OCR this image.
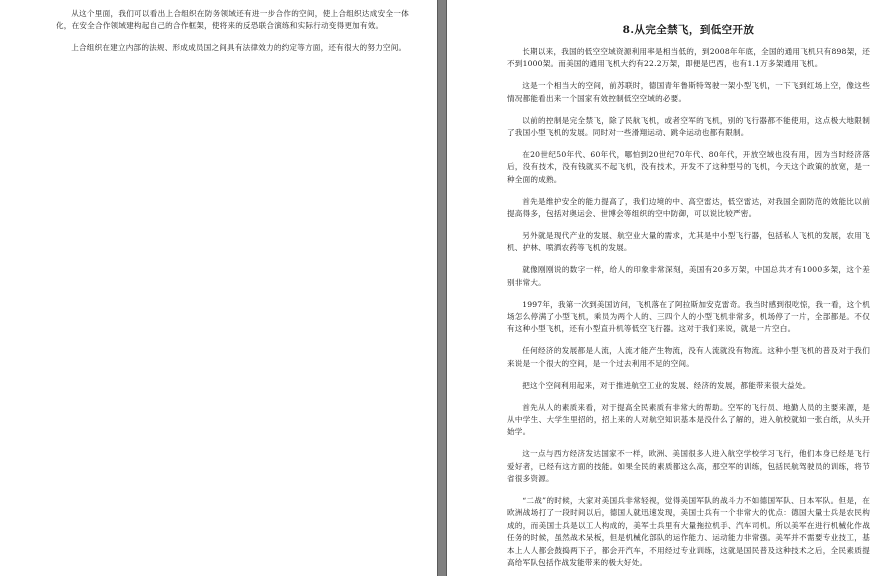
从这个里面，我们可以看出上合组织在防务领域还有进一步合作的空间，使上合组织达成安全一体化，在安全合作领域建构起自己的合作框架，使将来的反恐联合演练和实际行动变得更加有效。

上合组织在建立内部的法规、形成成员国之间具有法律效力的约定等方面，还有很大的努力空间。

8.从完全禁飞，到低空开放

长期以来，我国的低空空域资源利用率是相当低的，到2008年年底，全国的通用飞机只有898架，还不到1000架。而美国的通用飞机大约有22.2万架，即便是巴西，也有1.1万多架通用飞机。

这是一个相当大的空间，前苏联时，德国青年鲁斯特驾驶一架小型飞机，一下飞到红场上空，像这些情况都能看出来一个国家有效控制低空空域的必要。

以前的控制是完全禁飞，除了民航飞机，或者空军的飞机，别的飞行器都不能使用，这点极大地限制了我国小型飞机的发展。同时对一些滑翔运动、跳伞运动也都有限制。

在20世纪50年代、60年代，哪怕到20世纪70年代、80年代，开放空域也没有用，因为当时经济落后，没有技术，没有钱就买不起飞机，没有技术，开发不了这种型号的飞机，今天这个政策的放宽，是一种全面的成熟。

首先是维护安全的能力提高了，我们边境的中、高空雷达，低空雷达，对我国全面防范的效能比以前提高得多，包括对奥运会、世博会等组织的空中防御，可以说比较严密。

另外就是现代产业的发展、航空业大量的需求，尤其是中小型飞行器，包括私人飞机的发展，农用飞机、护林、喷洒农药等飞机的发展。

就像刚刚说的数字一样，给人的印象非常深刻，美国有20多万架，中国总共才有1000多架，这个差别非常大。

1997年，我第一次到美国访问，飞机落在了阿拉斯加安克雷奇。我当时感到很吃惊，我一看，这个机场怎么停满了小型飞机，乘员为两个人的、三四个人的小型飞机非常多，机场停了一片，全部都是。不仅有这种小型飞机，还有小型直升机等低空飞行器。这对于我们来说，就是一片空白。

任何经济的发展都是人流，人流才能产生物流，没有人流就没有物流。这种小型飞机的普及对于我们来说是一个很大的空间，是一个过去利用不足的空间。

把这个空间利用起来，对于推进航空工业的发展、经济的发展，都能带来很大益处。

首先从人的素质来看，对于提高全民素质有非常大的帮助。空军的飞行员、地勤人员的主要来源，是从中学生、大学生里招的，招上来的人对航空知识基本是没什么了解的，进入航校就如一张白纸，从头开始学。

这一点与西方经济发达国家不一样，欧洲、美国很多人进入航空学校学习飞行，他们本身已经是飞行爱好者，已经有这方面的技能。如果全民的素质都这么高，那空军的训练，包括民航驾驶员的训练，将节省很多资源。

“二战”的时候，大家对美国兵非常轻视，觉得美国军队的战斗力不如德国军队、日本军队。但是，在欧洲战场打了一段时间以后，德国人就迅速发现，美国士兵有一个非常大的优点：德国大量士兵是农民构成的，而美国士兵是以工人构成的，美军士兵里有大量拖拉机手、汽车司机。所以美军在进行机械化作战任务的时候，虽然战术呆板，但是机械化部队的运作能力、运动能力非常强。美军并不需要专业技工，基本上人人都会鼓捣两下子，都会开汽车，不用经过专业训练，这就是国民普及这种技术之后，全民素质提高给军队包括作战发能带来的极大好处。
